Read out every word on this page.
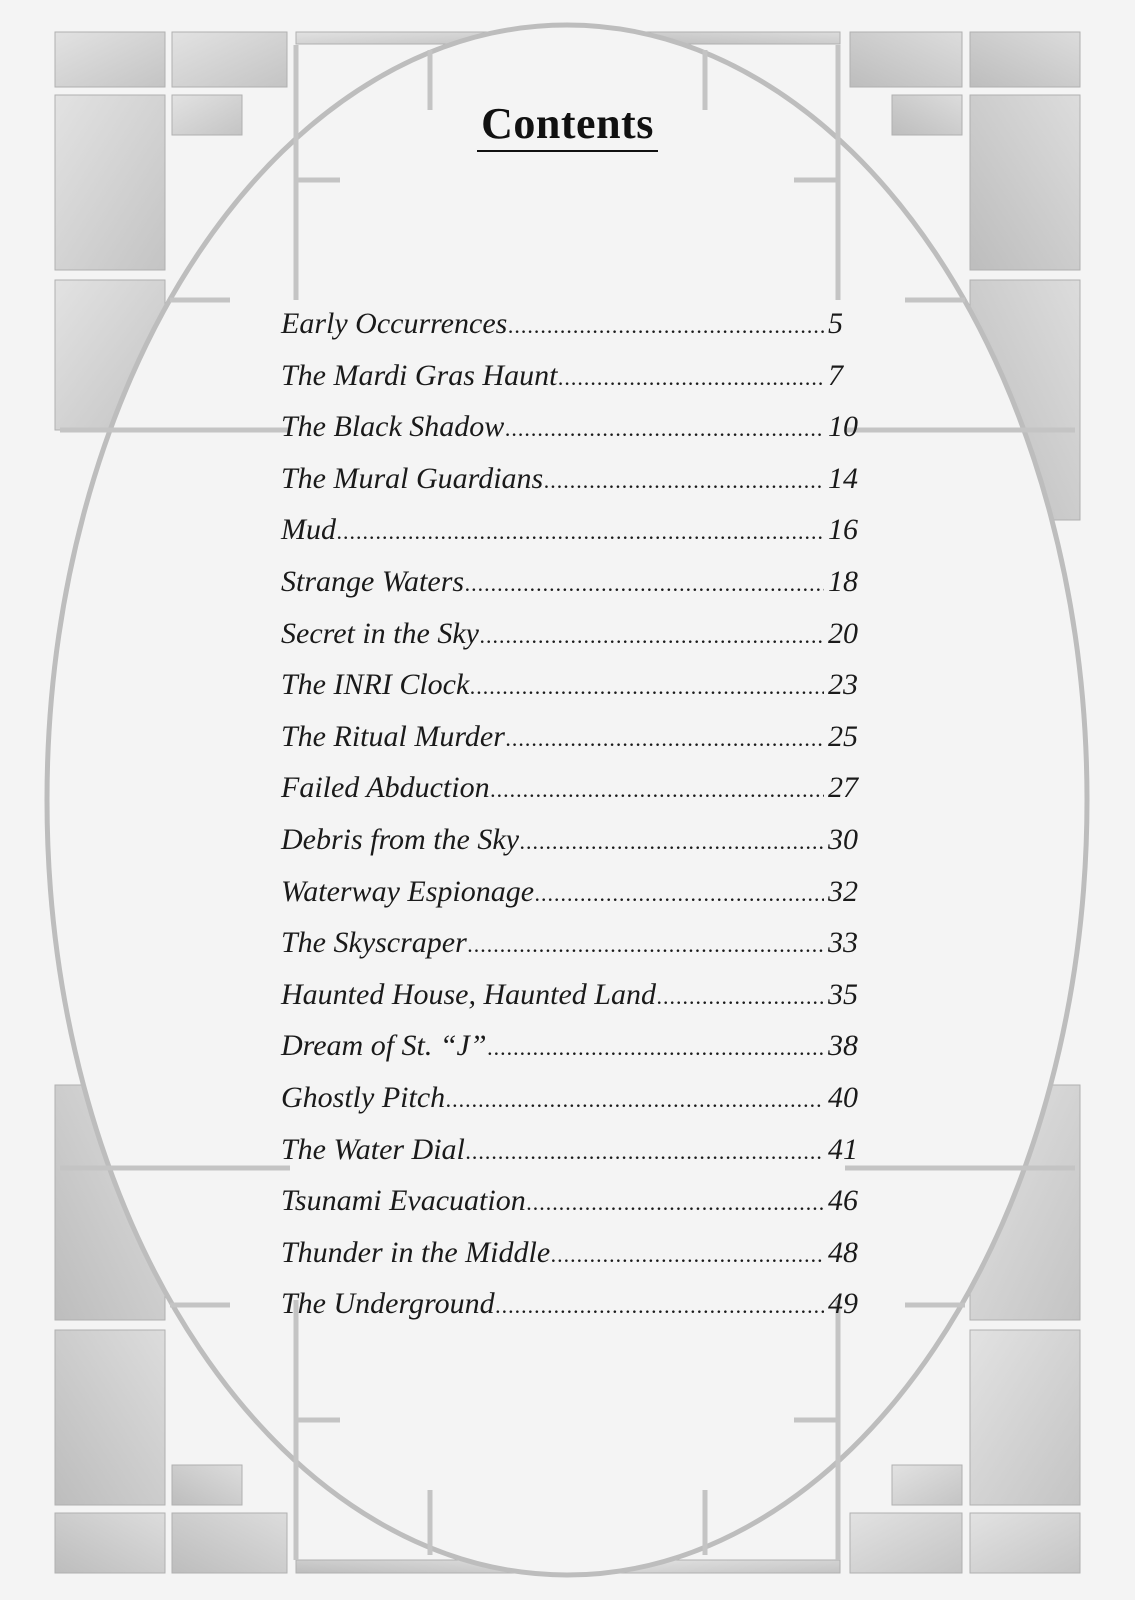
Contents
Early Occurrences .....	5
The Mardi Gras Haunt .....	7
The Black Shadow .....	10
The Mural Guardians .....	14
Mud .....	16
Strange Waters .....	18
Secret in the Sky .....	20
The INRI Clock .....	23
The Ritual Murder .....	25
Failed Abduction .....	27
Debris from the Sky .....	30
Waterway Espionage .....	32
The Skyscraper .....	33
Haunted House, Haunted Land .....	35
Dream of St. “J” .....	38
Ghostly Pitch .....	40
The Water Dial .....	41
Tsunami Evacuation .....	46
Thunder in the Middle .....	48
The Underground .....	49
